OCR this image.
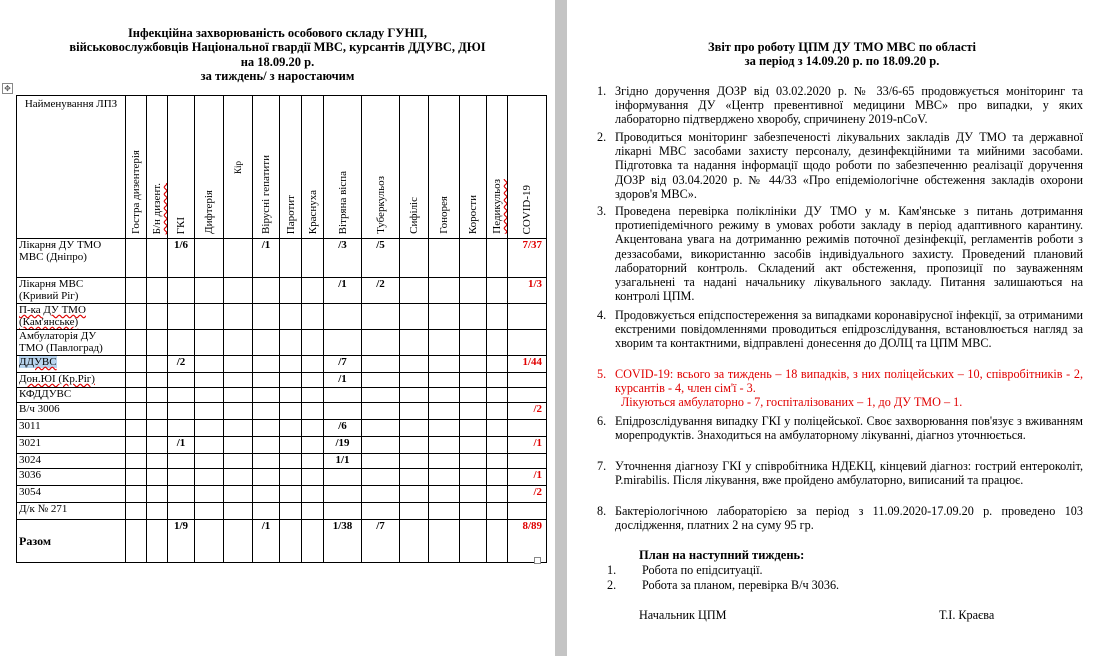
Інфекційна захворюваність особового складу ГУНП,
військовослужбовців Національної гвардії МВС, курсантів ДДУВС, ДЮІ
на 18.09.20 р.
за тиждень/ з наростаючим
✥
Найменування ЛПЗ	Гостра дизентерія	Б/н дизент.	ГКІ	Дифтерія	Кір	Вірусні гепатити	Паротит	Краснуха	Вітряна віспа	Туберкульоз	Сифіліс	Гонорея	Корости	Педикульоз	COVID-19

Лікарня ДУ ТМО МВС (Дніпро)			1/6			/1			/3	/5					7/37
Лікарня МВС (Кривий Ріг)									/1	/2					1/3
П-ка ДУ ТМО (Кам'янське)															
Амбулаторія ДУ ТМО (Павлоград)															
ДДУВС			/2						/7						1/44
Дон.ЮІ (Кр.Ріг)									/1						
КФДДУВС															
В/ч 3006															/2
3011									/6						
3021			/1						/19						/1
3024									1/1						
3036															/1
3054															/2
Д/к № 271															
Разом			1/9			/1			1/38	/7					8/89
Звіт про роботу ЦПМ ДУ ТМО МВС по області
за період з 14.09.20 р. по 18.09.20 р.
1. Згідно доручення ДОЗР від 03.02.2020 р. № 33/6-65 продовжується моніторинг та інформування ДУ «Центр превентивної медицини МВС» про випадки, у яких лабораторно підтверджено хворобу, спричинену 2019-nCoV.
2. Проводиться моніторинг забезпеченості лікувальних закладів ДУ ТМО та державної лікарні МВС засобами захисту персоналу, дезинфекційними та мийними засобами. Підготовка та надання інформації щодо роботи по забезпеченню реалізації доручення ДОЗР від 03.04.2020 р. № 44/33 «Про епідеміологічне обстеження закладів охорони здоров'я МВС».
3. Проведена перевірка поліклініки ДУ ТМО у м. Кам'янське з питань дотримання протиепідемічного режиму в умовах роботи закладу в період адаптивного карантину. Акцентована увага на дотриманню режимів поточної дезінфекції, регламентів роботи з деззасобами, використанню засобів індивідуального захисту. Проведений плановий лабораторний контроль. Складений акт обстеження, пропозиції по зауваженням узагальнені та надані начальнику лікувального закладу. Питання залишаються на контролі ЦПМ.
4. Продовжується епідспостереження за випадками коронавірусної інфекції, за отриманими екстреними повідомленнями проводиться епідрозслідування, встановлюється нагляд за хворим та контактними, відправлені донесення до ДОЛЦ та ЦПМ МВС.
5. COVID-19: всього за тиждень – 18 випадків, з них поліцейських – 10, співробітників - 2, курсантів - 4, член сім'ї - 3.
Лікуються амбулаторно - 7, госпіталізованих – 1, до ДУ ТМО – 1.
6. Епідрозслідування випадку ГКІ у поліцейської. Своє захворювання пов'язує з вживанням морепродуктів. Знаходиться на амбулаторному лікуванні, діагноз уточнюється.
7. Уточнення діагнозу ГКІ у співробітника НДЕКЦ, кінцевий діагноз: гострий ентероколіт, P.mirabilis. Після лікування, вже пройдено амбулаторно, виписаний та працює.
8. Бактеріологічною лабораторією за період з 11.09.2020-17.09.20 р. проведено 103 дослідження, платних 2 на суму 95 гр.
План на наступний тиждень:
1. Робота по епідситуації.
2. Робота за планом, перевірка В/ч 3036.
Начальник ЦПМ	Т.І. Краєва
